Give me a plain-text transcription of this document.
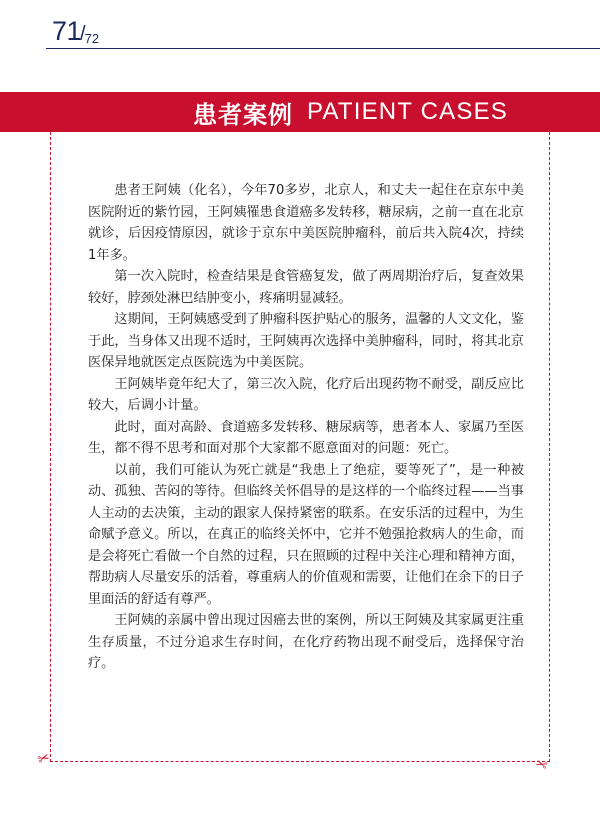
71/72
患者案例 PATIENT CASES
✂	✂

患者王阿姨（化名），今年70多岁，北京人，和丈夫一起住在京东中美医院附近的紫竹园，王阿姨罹患食道癌多发转移，糖尿病，之前一直在北京就诊，后因疫情原因，就诊于京东中美医院肿瘤科，前后共入院4次，持续1年多。

第一次入院时，检查结果是食管癌复发，做了两周期治疗后，复查效果较好，脖颈处淋巴结肿变小，疼痛明显减轻。

这期间，王阿姨感受到了肿瘤科医护贴心的服务，温馨的人文文化，鉴于此，当身体又出现不适时，王阿姨再次选择中美肿瘤科，同时，将其北京医保异地就医定点医院选为中美医院。

王阿姨毕竟年纪大了，第三次入院，化疗后出现药物不耐受，副反应比较大，后调小计量。

此时，面对高龄、食道癌多发转移、糖尿病等，患者本人、家属乃至医生，都不得不思考和面对那个大家都不愿意面对的问题：死亡。

以前，我们可能认为死亡就是“我患上了绝症，要等死了”，是一种被动、孤独、苦闷的等待。但临终关怀倡导的是这样的一个临终过程——当事人主动的去决策，主动的跟家人保持紧密的联系。在安乐活的过程中，为生命赋予意义。所以，在真正的临终关怀中，它并不勉强抢救病人的生命，而是会将死亡看做一个自然的过程，只在照顾的过程中关注心理和精神方面，帮助病人尽量安乐的活着，尊重病人的价值观和需要，让他们在余下的日子里面活的舒适有尊严。

王阿姨的亲属中曾出现过因癌去世的案例，所以王阿姨及其家属更注重生存质量，不过分追求生存时间，在化疗药物出现不耐受后，选择保守治疗。
